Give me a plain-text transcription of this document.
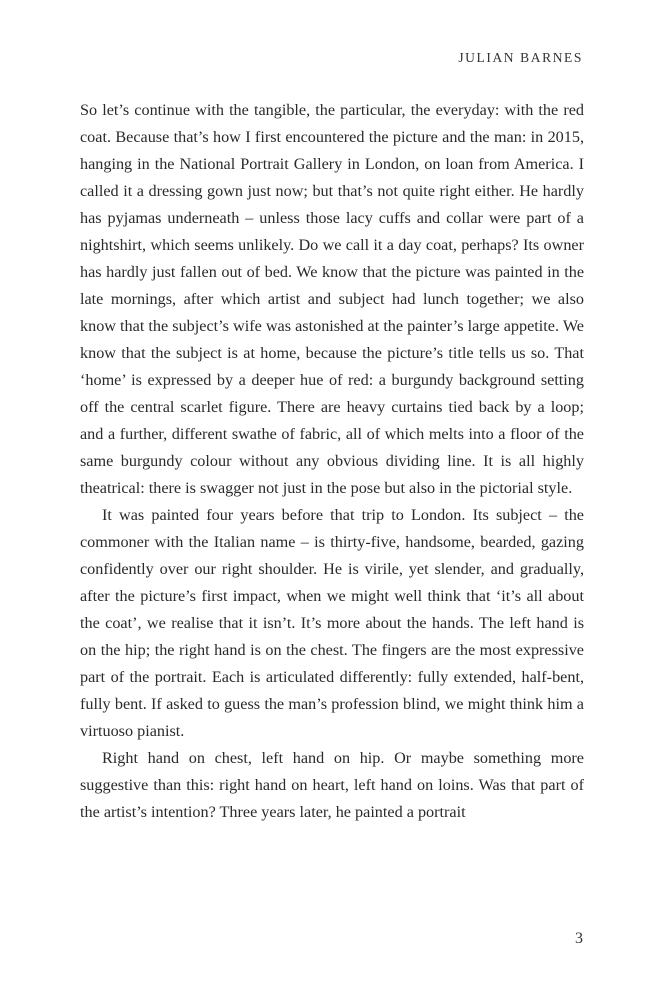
JULIAN BARNES

So let’s continue with the tangible, the particular, the everyday: with the red coat. Because that’s how I first encountered the picture and the man: in 2015, hanging in the National Portrait Gallery in London, on loan from America. I called it a dressing gown just now; but that’s not quite right either. He hardly has pyjamas underneath – unless those lacy cuffs and collar were part of a nightshirt, which seems unlikely. Do we call it a day coat, perhaps? Its owner has hardly just fallen out of bed. We know that the picture was painted in the late mornings, after which artist and subject had lunch together; we also know that the subject’s wife was astonished at the painter’s large appetite. We know that the subject is at home, because the picture’s title tells us so. That ‘home’ is expressed by a deeper hue of red: a burgundy background setting off the central scarlet figure. There are heavy curtains tied back by a loop; and a further, different swathe of fabric, all of which melts into a floor of the same burgundy colour without any obvious dividing line. It is all highly theatrical: there is swagger not just in the pose but also in the pictorial style.

It was painted four years before that trip to London. Its subject – the commoner with the Italian name – is thirty-five, handsome, bearded, gazing confidently over our right shoulder. He is virile, yet slender, and gradually, after the picture’s first impact, when we might well think that ‘it’s all about the coat’, we realise that it isn’t. It’s more about the hands. The left hand is on the hip; the right hand is on the chest. The fingers are the most expressive part of the portrait. Each is articulated differently: fully extended, half-bent, fully bent. If asked to guess the man’s profession blind, we might think him a virtuoso pianist.

Right hand on chest, left hand on hip. Or maybe something more suggestive than this: right hand on heart, left hand on loins. Was that part of the artist’s intention? Three years later, he painted a portrait

3
